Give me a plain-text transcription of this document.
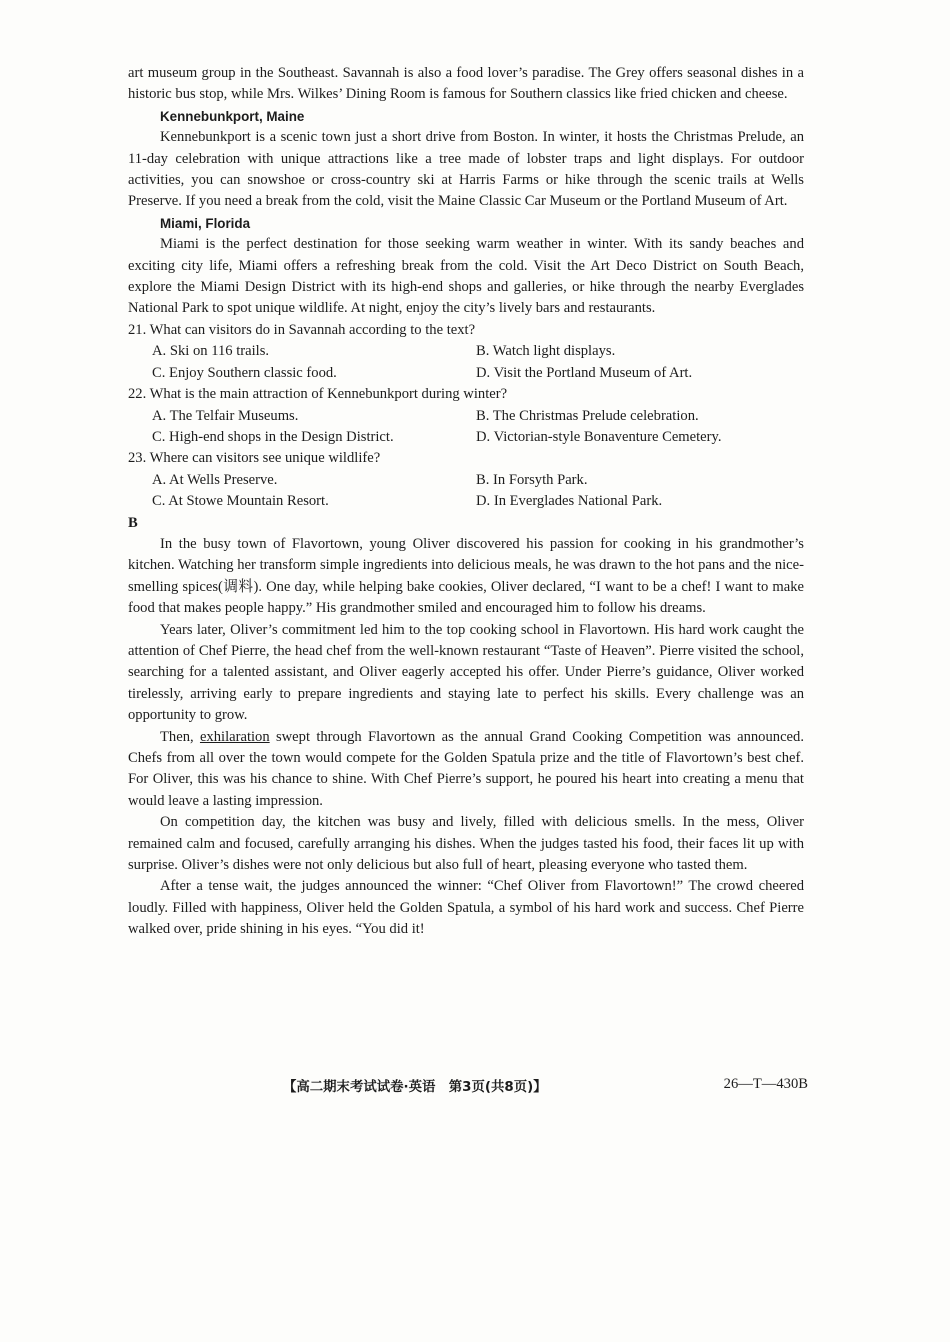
art museum group in the Southeast. Savannah is also a food lover’s paradise. The Grey offers seasonal dishes in a historic bus stop, while Mrs. Wilkes’ Dining Room is famous for Southern classics like fried chicken and cheese.

Kennebunkport, Maine

Kennebunkport is a scenic town just a short drive from Boston. In winter, it hosts the Christmas Prelude, an 11-day celebration with unique attractions like a tree made of lobster traps and light displays. For outdoor activities, you can snowshoe or cross-country ski at Harris Farms or hike through the scenic trails at Wells Preserve. If you need a break from the cold, visit the Maine Classic Car Museum or the Portland Museum of Art.

Miami, Florida

Miami is the perfect destination for those seeking warm weather in winter. With its sandy beaches and exciting city life, Miami offers a refreshing break from the cold. Visit the Art Deco District on South Beach, explore the Miami Design District with its high-end shops and galleries, or hike through the nearby Everglades National Park to spot unique wildlife. At night, enjoy the city’s lively bars and restaurants.

21. What can visitors do in Savannah according to the text?

A. Ski on 116 trails.	B. Watch light displays.
C. Enjoy Southern classic food.	D. Visit the Portland Museum of Art.

22. What is the main attraction of Kennebunkport during winter?

A. The Telfair Museums.	B. The Christmas Prelude celebration.
C. High-end shops in the Design District.	D. Victorian-style Bonaventure Cemetery.

23. Where can visitors see unique wildlife?

A. At Wells Preserve.	B. In Forsyth Park.
C. At Stowe Mountain Resort.	D. In Everglades National Park.

B

In the busy town of Flavortown, young Oliver discovered his passion for cooking in his grandmother’s kitchen. Watching her transform simple ingredients into delicious meals, he was drawn to the hot pans and the nice-smelling spices(调料). One day, while helping bake cookies, Oliver declared, “I want to be a chef! I want to make food that makes people happy.” His grandmother smiled and encouraged him to follow his dreams.

Years later, Oliver’s commitment led him to the top cooking school in Flavortown. His hard work caught the attention of Chef Pierre, the head chef from the well-known restaurant “Taste of Heaven”. Pierre visited the school, searching for a talented assistant, and Oliver eagerly accepted his offer. Under Pierre’s guidance, Oliver worked tirelessly, arriving early to prepare ingredients and staying late to perfect his skills. Every challenge was an opportunity to grow.

Then, exhilaration swept through Flavortown as the annual Grand Cooking Competition was announced. Chefs from all over the town would compete for the Golden Spatula prize and the title of Flavortown’s best chef. For Oliver, this was his chance to shine. With Chef Pierre’s support, he poured his heart into creating a menu that would leave a lasting impression.

On competition day, the kitchen was busy and lively, filled with delicious smells. In the mess, Oliver remained calm and focused, carefully arranging his dishes. When the judges tasted his food, their faces lit up with surprise. Oliver’s dishes were not only delicious but also full of heart, pleasing everyone who tasted them.

After a tense wait, the judges announced the winner: “Chef Oliver from Flavortown!” The crowd cheered loudly. Filled with happiness, Oliver held the Golden Spatula, a symbol of his hard work and success. Chef Pierre walked over, pride shining in his eyes. “You did it!

【高二期末考试试卷·英语　第3页(共8页)】	26—T—430B
